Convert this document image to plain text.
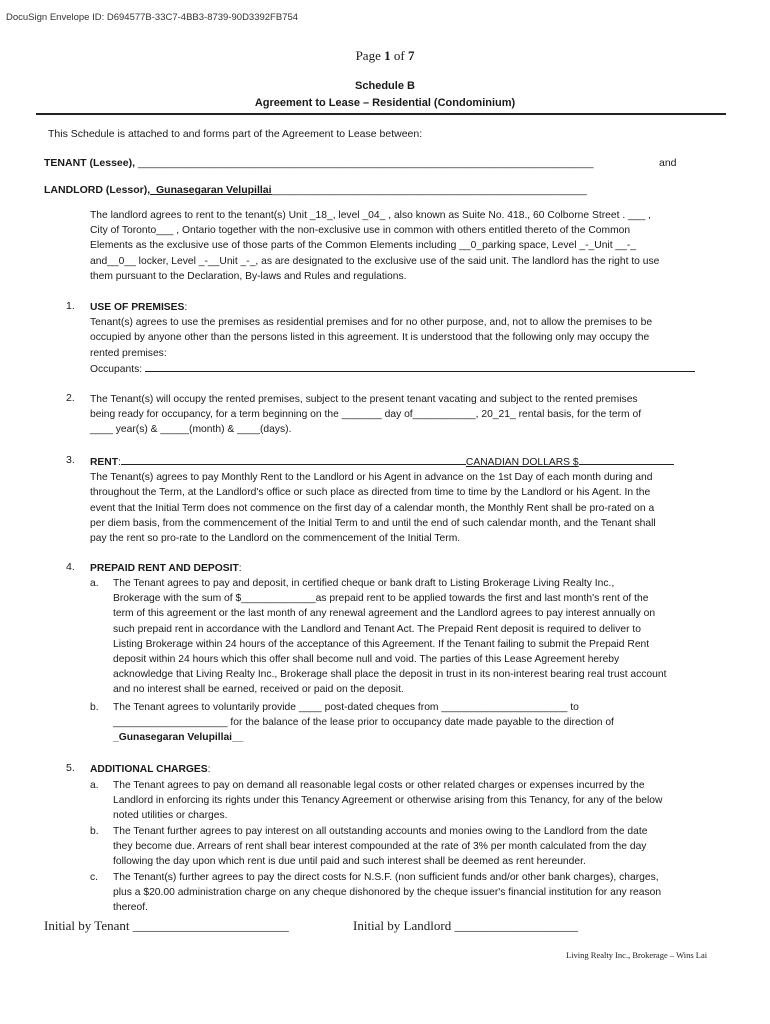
DocuSign Envelope ID: D694577B-33C7-4BB3-8739-90D3392FB754
Page 1 of 7
Schedule B
Agreement to Lease – Residential (Condominium)
This Schedule is attached to and forms part of the Agreement to Lease between:
TENANT (Lessee), ______________________________________________________________________________	and
LANDLORD (Lessor),_Gunasegaran Velupillai______________________________________________________
The landlord agrees to rent to the tenant(s) Unit _18_, level _04_ , also known as Suite No. 418., 60 Colborne Street . ___ ,
City of Toronto___ , Ontario together with the non-exclusive use in common with others entitled thereto of the Common
Elements as the exclusive use of those parts of the Common Elements including __0_parking space, Level _-_Unit __-_
and__0__ locker, Level _-__Unit _-_, as are designated to the exclusive use of the said unit. The landlord has the right to use
them pursuant to the Declaration, By-laws and Rules and regulations.
1. USE OF PREMISES:
Tenant(s) agrees to use the premises as residential premises and for no other purpose, and, not to allow the premises to be
occupied by anyone other than the persons listed in this agreement. It is understood that the following only may occupy the
rented premises:
Occupants:
2. The Tenant(s) will occupy the rented premises, subject to the present tenant vacating and subject to the rented premises
being ready for occupancy, for a term beginning on the _______ day of___________, 20_21_ rental basis, for the term of
____ year(s) & _____(month) & ____(days).
3. RENT:	CANADIAN DOLLARS $
The Tenant(s) agrees to pay Monthly Rent to the Landlord or his Agent in advance on the 1st Day of each month during and
throughout the Term, at the Landlord's office or such place as directed from time to time by the Landlord or his Agent. In the
event that the Initial Term does not commence on the first day of a calendar month, the Monthly Rent shall be pro-rated on a
per diem basis, from the commencement of the Initial Term to and until the end of such calendar month, and the Tenant shall
pay the rent so pro-rate to the Landlord on the commencement of the Initial Term.
4. PREPAID RENT AND DEPOSIT:
a. The Tenant agrees to pay and deposit, in certified cheque or bank draft to Listing Brokerage Living Realty Inc.,
Brokerage with the sum of $_____________as prepaid rent to be applied towards the first and last month's rent of the
term of this agreement or the last month of any renewal agreement and the Landlord agrees to pay interest annually on
such prepaid rent in accordance with the Landlord and Tenant Act. The Prepaid Rent deposit is required to deliver to
Listing Brokerage within 24 hours of the acceptance of this Agreement. If the Tenant failing to submit the Prepaid Rent
deposit within 24 hours which this offer shall become null and void. The parties of this Lease Agreement hereby
acknowledge that Living Realty Inc., Brokerage shall place the deposit in trust in its non-interest bearing real trust account
and no interest shall be earned, received or paid on the deposit.
b. The Tenant agrees to voluntarily provide ____ post-dated cheques from ______________________ to
____________________ for the balance of the lease prior to occupancy date made payable to the direction of
_Gunasegaran Velupillai__
5. ADDITIONAL CHARGES:
a. The Tenant agrees to pay on demand all reasonable legal costs or other related charges or expenses incurred by the
Landlord in enforcing its rights under this Tenancy Agreement or otherwise arising from this Tenancy, for any of the below
noted utilities or charges.
b. The Tenant further agrees to pay interest on all outstanding accounts and monies owing to the Landlord from the date
they become due. Arrears of rent shall bear interest compounded at the rate of 3% per month calculated from the day
following the day upon which rent is due until paid and such interest shall be deemed as rent hereunder.
c. The Tenant(s) further agrees to pay the direct costs for N.S.F. (non sufficient funds and/or other bank charges), charges,
plus a $20.00 administration charge on any cheque dishonored by the cheque issuer's financial institution for any reason
thereof.
Initial by Tenant ________________________	Initial by Landlord ___________________
Living Realty Inc., Brokerage – Wins Lai
